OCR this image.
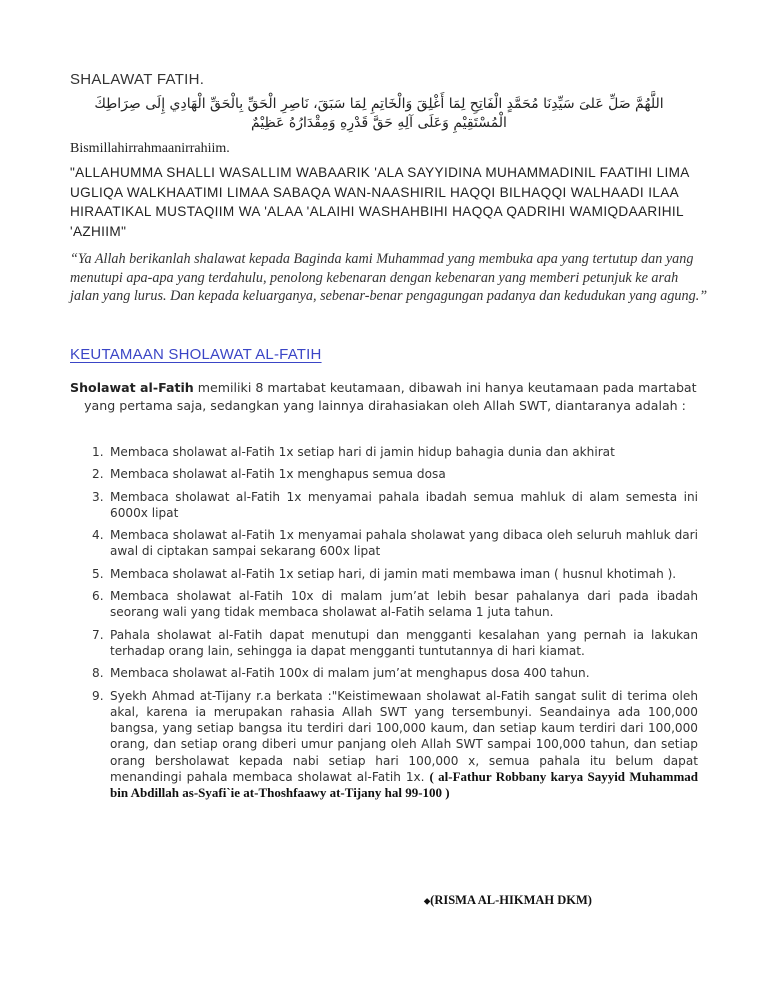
SHALAWAT FATIH.
اللَّهُمَّ صَلِّ عَلىَ سَيِّدِنَا مُحَمَّدٍ الْفَاتِحِ لِمَا أَغْلِقَ وَالْخَاتِمِ لِمَا سَبَقَ، نَاصِرِ الْحَقِّ بِالْحَقِّ الْهَادِي إِلَى صِرَاطِكَ الْمُسْتَقِيْمِ وَعَلَى آلِهِ حَقَّ قَدْرِهِ وَمِقْدَارُهُ عَظِيْمٌ
Bismillahirrahmaanirrahiim.

"ALLAHUMMA SHALLI WASALLIM WABAARIK 'ALA SAYYIDINA MUHAMMADINIL FAATIHI LIMA UGLIQA WALKHAATIMI LIMAA SABAQA WAN-NAASHIRIL HAQQI BILHAQQI WALHAADI ILAA HIRAATIKAL MUSTAQIIM WA 'ALAA 'ALAIHI WASHAHBIHI HAQQA QADRIHI WAMIQDAARIHIL 'AZHIIM"

“Ya Allah berikanlah shalawat kepada Baginda kami Muhammad yang membuka apa yang tertutup dan yang menutupi apa-apa yang terdahulu, penolong kebenaran dengan kebenaran yang memberi petunjuk ke arah jalan yang lurus. Dan kepada keluarganya, sebenar-benar pengagungan padanya dan kedudukan yang agung.”

KEUTAMAAN SHOLAWAT AL-FATIH

Sholawat al-Fatih memiliki 8 martabat keutamaan, dibawah ini hanya keutamaan pada martabat
yang pertama saja, sedangkan yang lainnya dirahasiakan oleh Allah SWT, diantaranya adalah :

1. Membaca sholawat al-Fatih 1x setiap hari di jamin hidup bahagia dunia dan akhirat
2. Membaca sholawat al-Fatih 1x menghapus semua dosa
3. Membaca sholawat al-Fatih 1x menyamai pahala ibadah semua mahluk di alam semesta ini 6000x lipat
4. Membaca sholawat al-Fatih 1x menyamai pahala sholawat yang dibaca oleh seluruh mahluk dari awal di ciptakan sampai sekarang 600x lipat
5. Membaca sholawat al-Fatih 1x setiap hari, di jamin mati membawa iman ( husnul khotimah ).
6. Membaca sholawat al-Fatih 10x di malam jum’at lebih besar pahalanya dari pada ibadah seorang wali yang tidak membaca sholawat al-Fatih selama 1 juta tahun.
7. Pahala sholawat al-Fatih dapat menutupi dan mengganti kesalahan yang pernah ia lakukan terhadap orang lain, sehingga ia dapat mengganti tuntutannya di hari kiamat.
8. Membaca sholawat al-Fatih 100x di malam jum’at menghapus dosa 400 tahun.
9. Syekh Ahmad at-Tijany r.a berkata :"Keistimewaan sholawat al-Fatih sangat sulit di terima oleh akal, karena ia merupakan rahasia Allah SWT yang tersembunyi. Seandainya ada 100,000 bangsa, yang setiap bangsa itu terdiri dari 100,000 kaum, dan setiap kaum terdiri dari 100,000 orang, dan setiap orang diberi umur panjang oleh Allah SWT sampai 100,000 tahun, dan setiap orang bersholawat kepada nabi setiap hari 100,000 x, semua pahala itu belum dapat menandingi pahala membaca sholawat al-Fatih 1x. ( al-Fathur Robbany karya Sayyid Muhammad bin Abdillah as-Syafi`ie at-Thoshfaawy at-Tijany hal 99-100 )
◆(RISMA AL-HIKMAH DKM)
